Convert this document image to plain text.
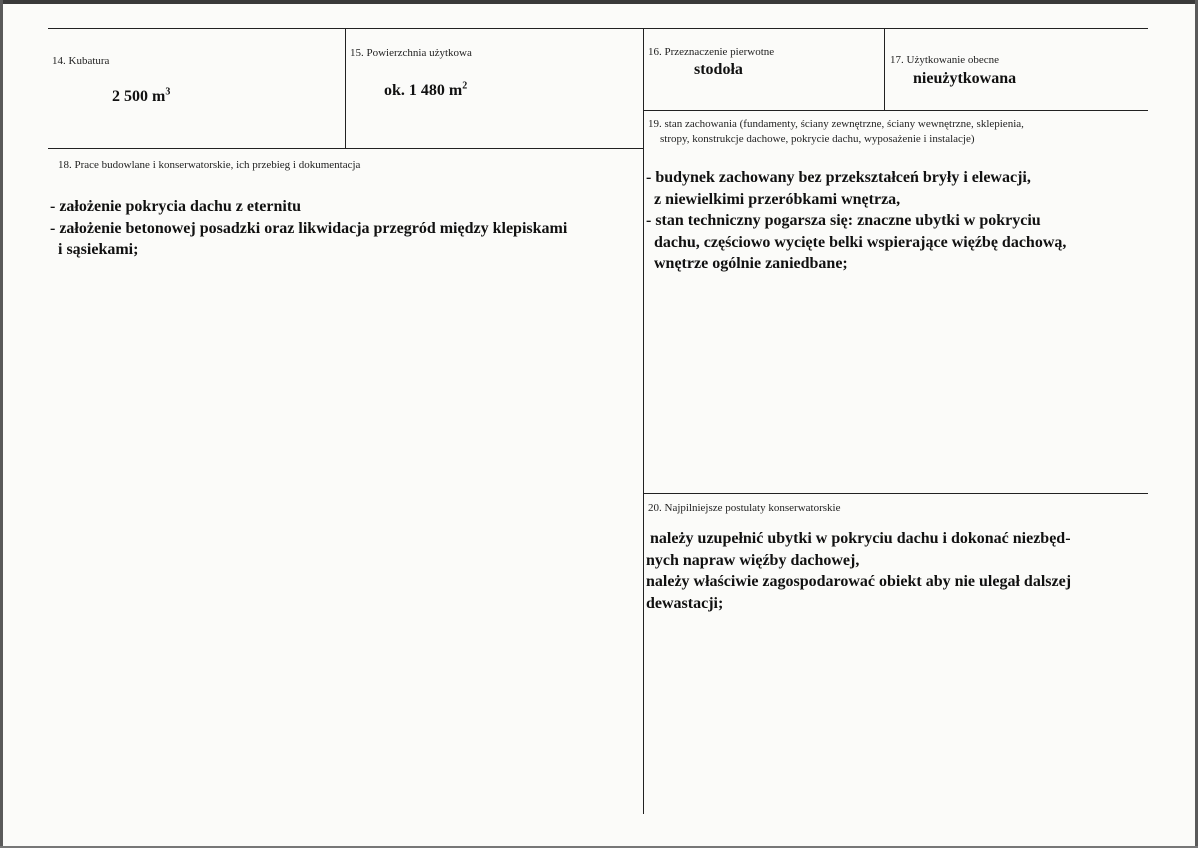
14. Kubatura
2 500 $m^3$
15. Powierzchnia użytkowa
ok. 1 480 $m^2$
16. Przeznaczenie pierwotne
stodoła
17. Użytkowanie obecne
nieużytkowana
18. Prace budowlane i konserwatorskie, ich przebieg i dokumentacja
- założenie pokrycia dachu z eternitu
- założenie betonowej posadzki oraz likwidacja przegród między klepiskami
i sąsiekami;
19. stan zachowania (fundamenty, ściany zewnętrzne, ściany wewnętrzne, sklepienia,
stropy, konstrukcje dachowe, pokrycie dachu, wyposażenie i instalacje)
- budynek zachowany bez przekształceń bryły i elewacji,
z niewielkimi przeróbkami wnętrza,
- stan techniczny pogarsza się: znaczne ubytki w pokryciu
dachu, częściowo wycięte belki wspierające więźbę dachową,
wnętrze ogólnie zaniedbane;
20. Najpilniejsze postulaty konserwatorskie
należy uzupełnić ubytki w pokryciu dachu i dokonać niezbęd-
nych napraw więźby dachowej,
należy właściwie zagospodarować obiekt aby nie ulegał dalszej
dewastacji;
